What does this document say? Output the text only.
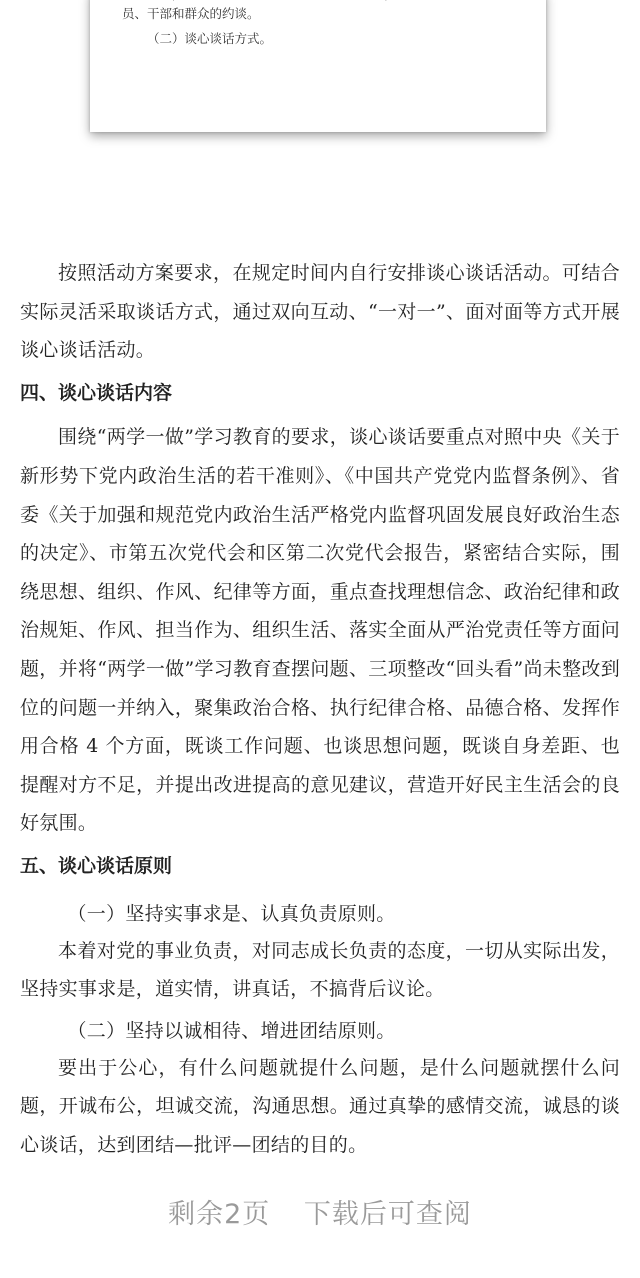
员、干部和群众的约谈。

（二）谈心谈话方式。

按照活动方案要求，在规定时间内自行安排谈心谈话活动。可结合实际灵活采取谈话方式，通过双向互动、“一对一”、面对面等方式开展谈心谈话活动。

四、谈心谈话内容

围绕“两学一做”学习教育的要求，谈心谈话要重点对照中央《关于新形势下党内政治生活的若干准则》、《中国共产党党内监督条例》、省委《关于加强和规范党内政治生活严格党内监督巩固发展良好政治生态的决定》、市第五次党代会和区第二次党代会报告，紧密结合实际，围绕思想、组织、作风、纪律等方面，重点查找理想信念、政治纪律和政治规矩、作风、担当作为、组织生活、落实全面从严治党责任等方面问题，并将“两学一做”学习教育查摆问题、三项整改“回头看”尚未整改到位的问题一并纳入，聚集政治合格、执行纪律合格、品德合格、发挥作用合格 4 个方面，既谈工作问题、也谈思想问题，既谈自身差距、也提醒对方不足，并提出改进提高的意见建议，营造开好民主生活会的良好氛围。

五、谈心谈话原则

（一）坚持实事求是、认真负责原则。

本着对党的事业负责，对同志成长负责的态度，一切从实际出发，坚持实事求是，道实情，讲真话，不搞背后议论。

（二）坚持以诚相待、增进团结原则。

要出于公心，有什么问题就提什么问题，是什么问题就摆什么问题，开诚布公，坦诚交流，沟通思想。通过真挚的感情交流，诚恳的谈心谈话，达到团结—批评—团结的目的。

剩余2页 下载后可查阅
